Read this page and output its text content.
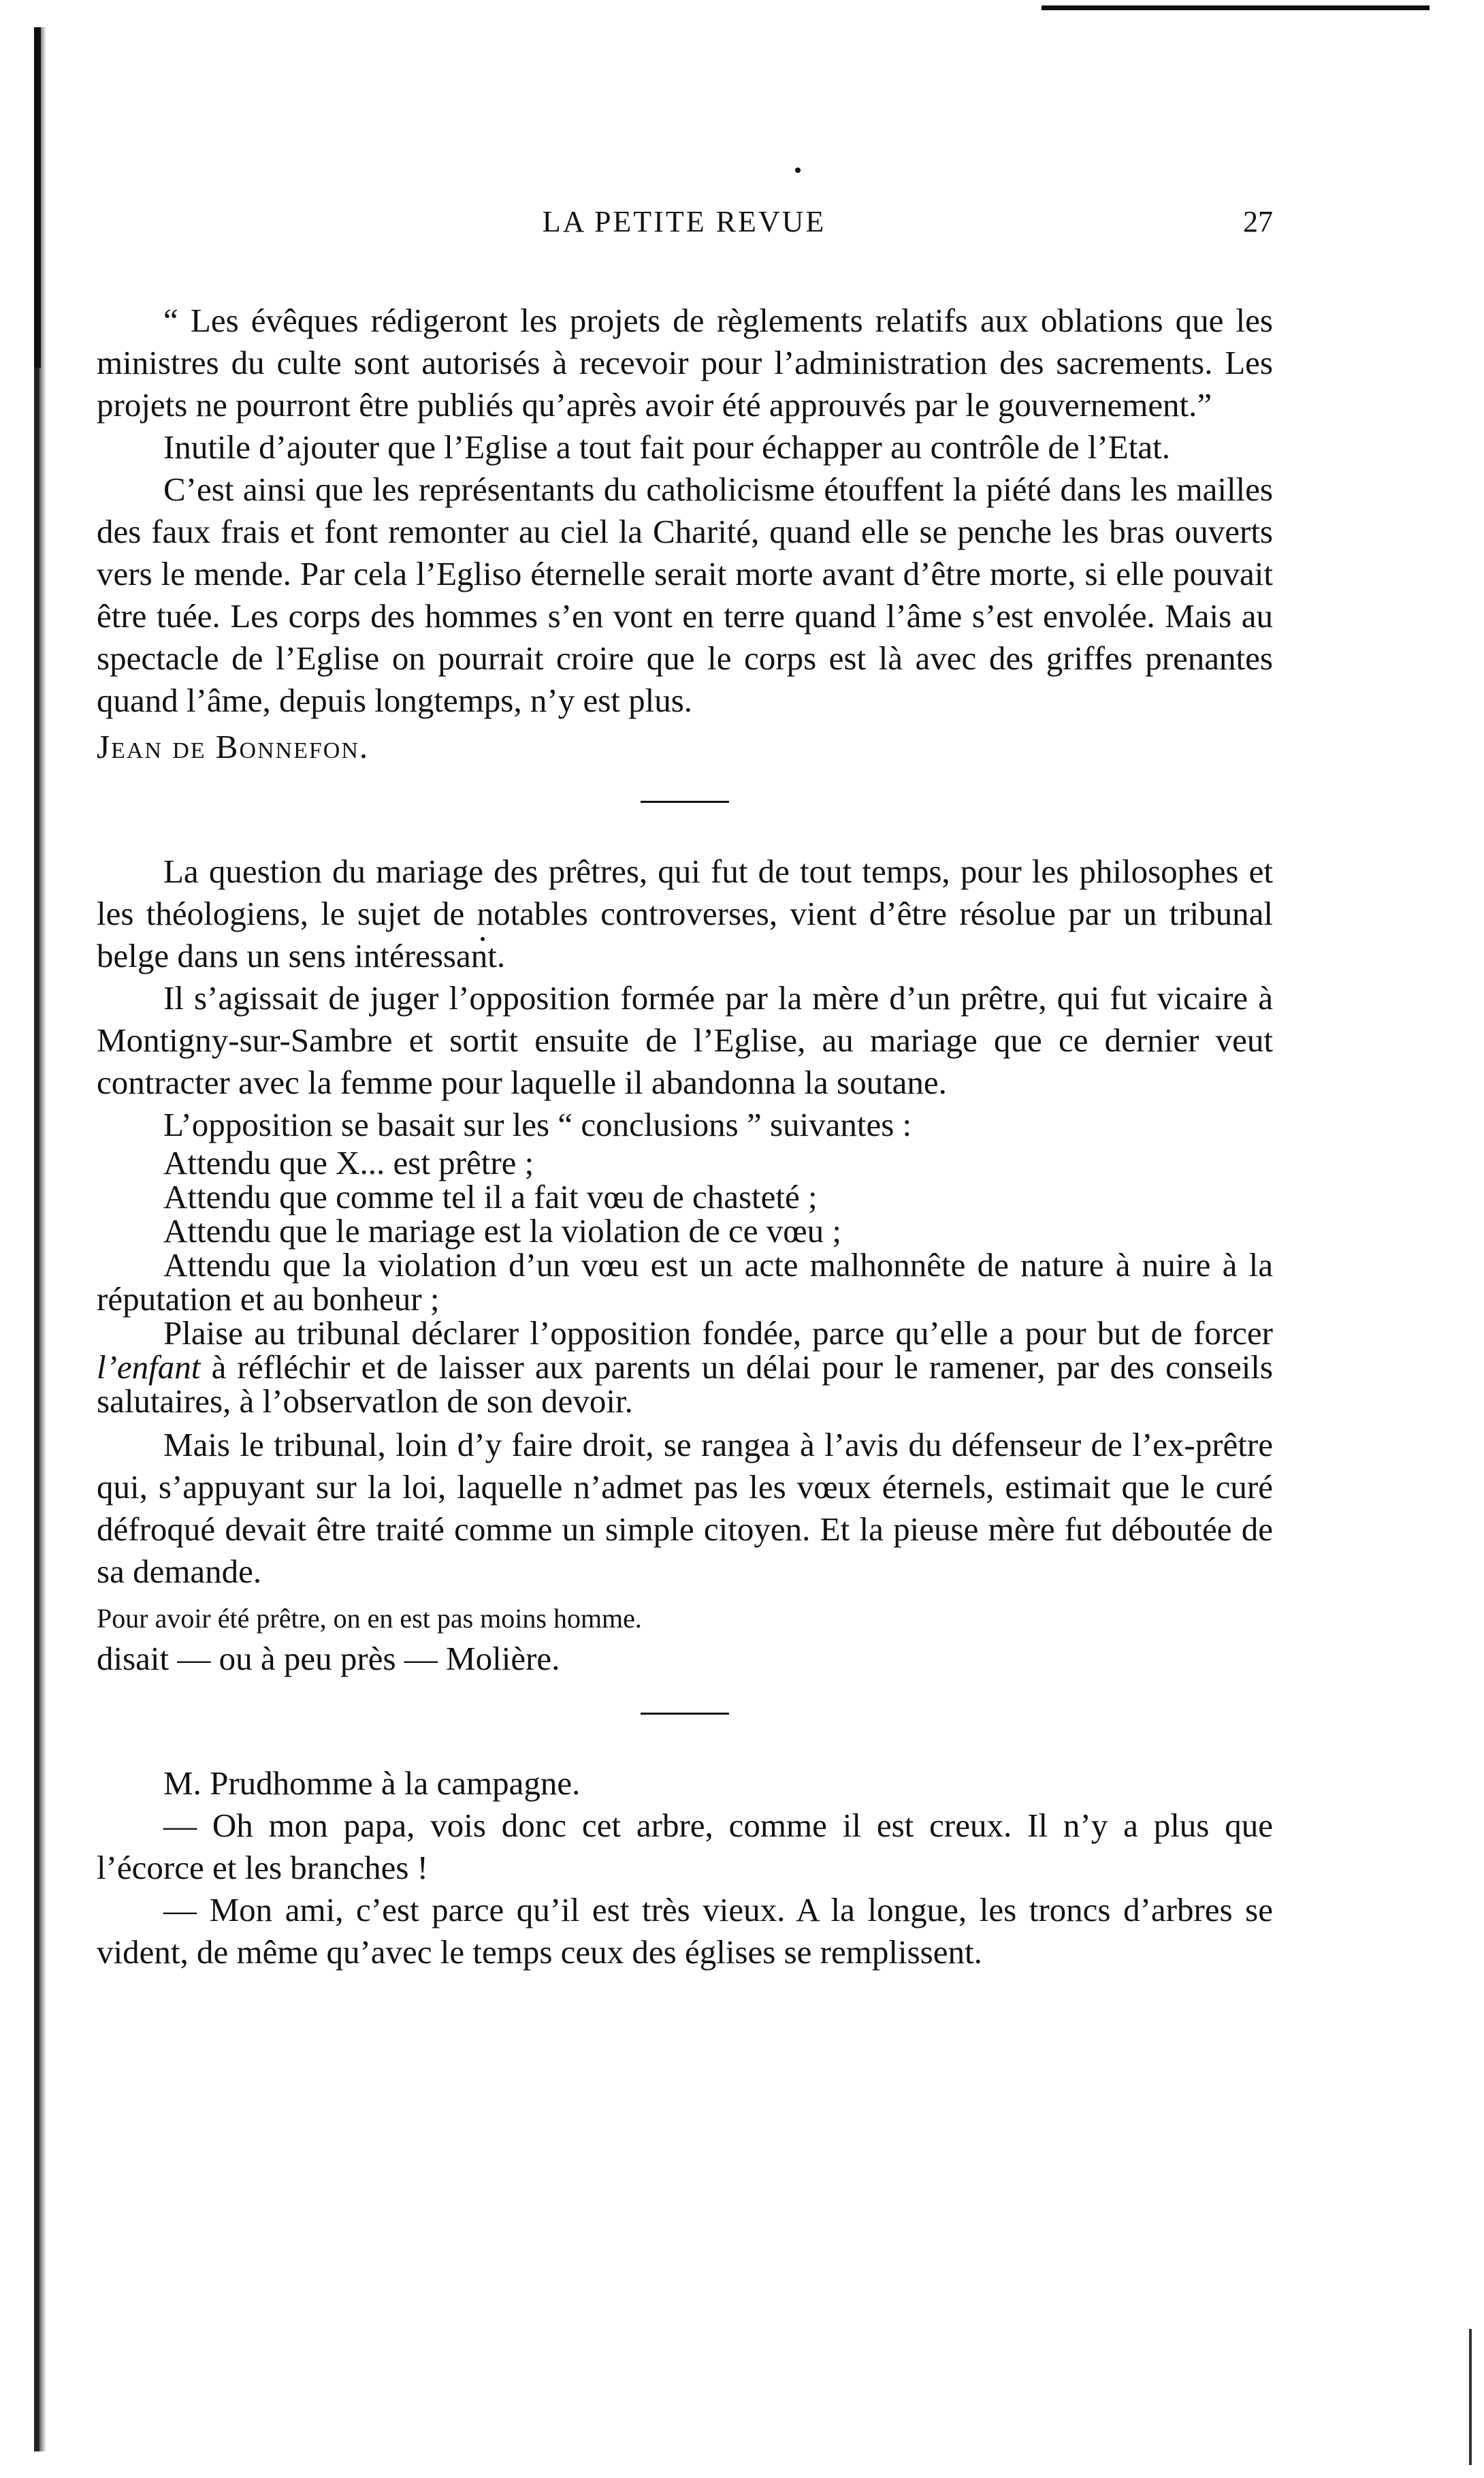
LA PETITE REVUE	27

“ Les évêques rédigeront les projets de règlements relatifs aux oblations que les ministres du culte sont autorisés à recevoir pour l’administration des sacrements. Les projets ne pourront être publiés qu’après avoir été approuvés par le gouvernement.”

Inutile d’ajouter que l’Eglise a tout fait pour échapper au contrôle de l’Etat.

C’est ainsi que les représentants du catholicisme étouffent la piété dans les mailles des faux frais et font remonter au ciel la Charité, quand elle se penche les bras ouverts vers le mende. Par cela l’Egliso éternelle serait morte avant d’être morte, si elle pouvait être tuée. Les corps des hommes s’en vont en terre quand l’âme s’est envolée. Mais au spectacle de l’Eglise on pourrait croire que le corps est là avec des griffes prenantes quand l’âme, depuis longtemps, n’y est plus.

Jean de Bonnefon.

La question du mariage des prêtres, qui fut de tout temps, pour les philosophes et les théologiens, le sujet de notables controverses, vient d’être résolue par un tribunal belge dans un sens intéressant.

Il s’agissait de juger l’opposition formée par la mère d’un prêtre, qui fut vicaire à Montigny-sur-Sambre et sortit ensuite de l’Eglise, au mariage que ce dernier veut contracter avec la femme pour laquelle il abandonna la soutane.

L’opposition se basait sur les “ conclusions ” suivantes :

Attendu que X... est prêtre ;

Attendu que comme tel il a fait vœu de chasteté ;

Attendu que le mariage est la violation de ce vœu ;

Attendu que la violation d’un vœu est un acte malhonnête de nature à nuire à la réputation et au bonheur ;

Plaise au tribunal déclarer l’opposition fondée, parce qu’elle a pour but de forcer l’enfant à réfléchir et de laisser aux parents un délai pour le ramener, par des conseils salutaires, à l’observatlon de son devoir.

Mais le tribunal, loin d’y faire droit, se rangea à l’avis du défenseur de l’ex-prêtre qui, s’appuyant sur la loi, laquelle n’admet pas les vœux éternels, estimait que le curé défroqué devait être traité comme un simple citoyen. Et la pieuse mère fut déboutée de sa demande.

Pour avoir été prêtre, on en est pas moins homme.

disait — ou à peu près — Molière.

M. Prudhomme à la campagne.

— Oh mon papa, vois donc cet arbre, comme il est creux. Il n’y a plus que l’écorce et les branches !

— Mon ami, c’est parce qu’il est très vieux. A la longue, les troncs d’arbres se vident, de même qu’avec le temps ceux des églises se remplissent.
